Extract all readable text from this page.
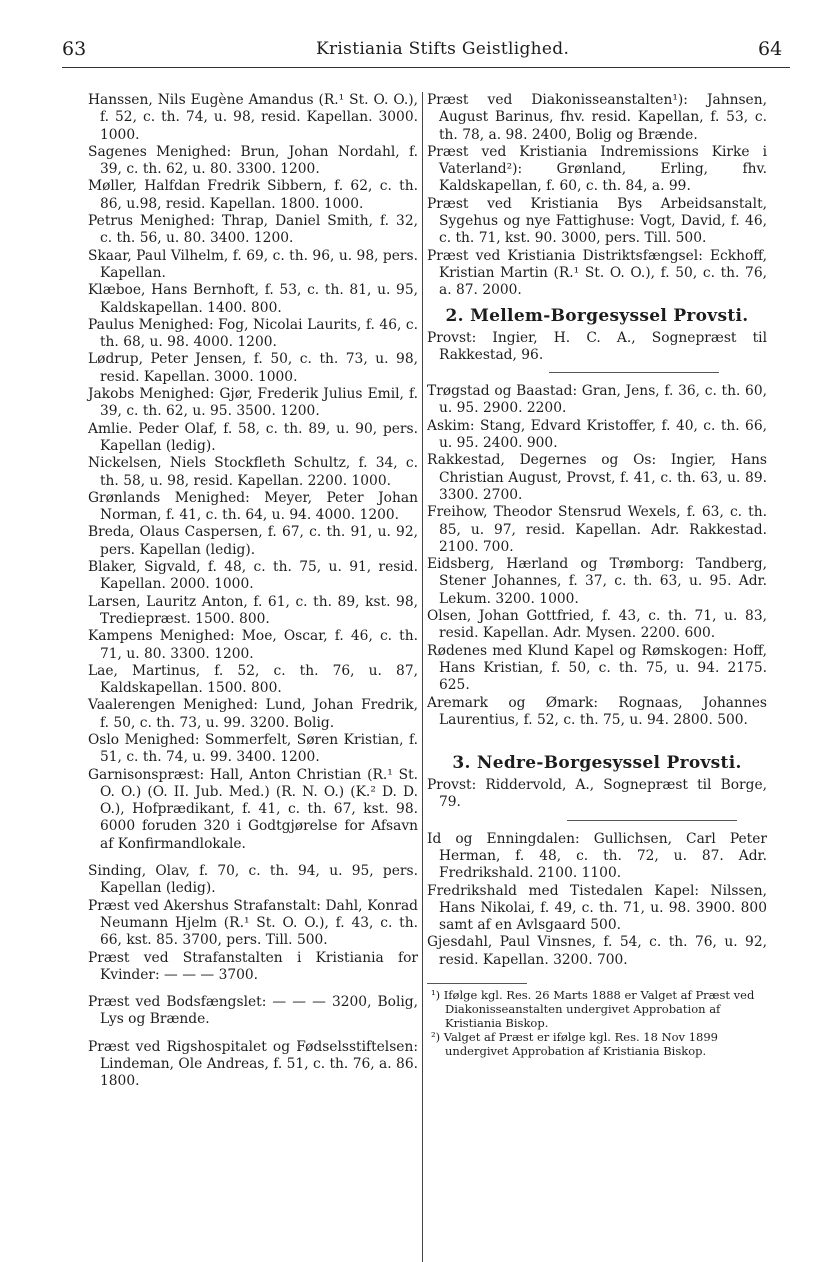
63	Kristiania Stifts Geistlighed.	64

Hanssen, Nils Eugène Amandus (R.¹ St. O. O.), f. 52, c. th. 74, u. 98, resid. Kapellan. 3000. 1000.

Sagenes Menighed: Brun, Johan Nordahl, f. 39, c. th. 62, u. 80. 3300. 1200.

Møller, Halfdan Fredrik Sibbern, f. 62, c. th. 86, u.98, resid. Kapellan. 1800. 1000.

Petrus Menighed: Thrap, Daniel Smith, f. 32, c. th. 56, u. 80. 3400. 1200.

Skaar, Paul Vilhelm, f. 69, c. th. 96, u. 98, pers. Kapellan.

Klæboe, Hans Bernhoft, f. 53, c. th. 81, u. 95, Kaldskapellan. 1400. 800.

Paulus Menighed: Fog, Nicolai Laurits, f. 46, c. th. 68, u. 98. 4000. 1200.

Lødrup, Peter Jensen, f. 50, c. th. 73, u. 98, resid. Kapellan. 3000. 1000.

Jakobs Menighed: Gjør, Frederik Julius Emil, f. 39, c. th. 62, u. 95. 3500. 1200.

Amlie. Peder Olaf, f. 58, c. th. 89, u. 90, pers. Kapellan (ledig).

Nickelsen, Niels Stockfleth Schultz, f. 34, c. th. 58, u. 98, resid. Kapellan. 2200. 1000.

Grønlands Menighed: Meyer, Peter Johan Norman, f. 41, c. th. 64, u. 94. 4000. 1200.

Breda, Olaus Caspersen, f. 67, c. th. 91, u. 92, pers. Kapellan (ledig).

Blaker, Sigvald, f. 48, c. th. 75, u. 91, resid. Kapellan. 2000. 1000.

Larsen, Lauritz Anton, f. 61, c. th. 89, kst. 98, Trediepræst. 1500. 800.

Kampens Menighed: Moe, Oscar, f. 46, c. th. 71, u. 80. 3300. 1200.

Lae, Martinus, f. 52, c. th. 76, u. 87, Kaldskapellan. 1500. 800.

Vaalerengen Menighed: Lund, Johan Fredrik, f. 50, c. th. 73, u. 99. 3200. Bolig.

Oslo Menighed: Sommerfelt, Søren Kristian, f. 51, c. th. 74, u. 99. 3400. 1200.

Garnisonspræst: Hall, Anton Christian (R.¹ St. O. O.) (O. II. Jub. Med.) (R. N. O.) (K.² D. D. O.), Hofprædikant, f. 41, c. th. 67, kst. 98. 6000 foruden 320 i Godtgjørelse for Afsavn af Konfirmandlokale.

Sinding, Olav, f. 70, c. th. 94, u. 95, pers. Kapellan (ledig).

Præst ved Akershus Strafanstalt: Dahl, Konrad Neumann Hjelm (R.¹ St. O. O.), f. 43, c. th. 66, kst. 85. 3700, pers. Till. 500.

Præst ved Strafanstalten i Kristiania for Kvinder: — — — 3700.

Præst ved Bodsfængslet: — — — 3200, Bolig, Lys og Brænde.

Præst ved Rigshospitalet og Fødselsstiftelsen: Lindeman, Ole Andreas, f. 51, c. th. 76, a. 86. 1800.

Præst ved Diakonisseanstalten¹): Jahnsen, August Barinus, fhv. resid. Kapellan, f. 53, c. th. 78, a. 98. 2400, Bolig og Brænde.

Præst ved Kristiania Indremissions Kirke i Vaterland²): Grønland, Erling, fhv. Kaldskapellan, f. 60, c. th. 84, a. 99.

Præst ved Kristiania Bys Arbeidsanstalt, Sygehus og nye Fattighuse: Vogt, David, f. 46, c. th. 71, kst. 90. 3000, pers. Till. 500.

Præst ved Kristiania Distriktsfængsel: Eckhoff, Kristian Martin (R.¹ St. O. O.), f. 50, c. th. 76, a. 87. 2000.

2. Mellem-Borgesyssel Provsti.

Provst: Ingier, H. C. A., Sognepræst til Rakkestad, 96.

Trøgstad og Baastad: Gran, Jens, f. 36, c. th. 60, u. 95. 2900. 2200.

Askim: Stang, Edvard Kristoffer, f. 40, c. th. 66, u. 95. 2400. 900.

Rakkestad, Degernes og Os: Ingier, Hans Christian August, Provst, f. 41, c. th. 63, u. 89. 3300. 2700.

Freihow, Theodor Stensrud Wexels, f. 63, c. th. 85, u. 97, resid. Kapellan. Adr. Rakkestad. 2100. 700.

Eidsberg, Hærland og Trømborg: Tandberg, Stener Johannes, f. 37, c. th. 63, u. 95. Adr. Lekum. 3200. 1000.

Olsen, Johan Gottfried, f. 43, c. th. 71, u. 83, resid. Kapellan. Adr. Mysen. 2200. 600.

Rødenes med Klund Kapel og Rømskogen: Hoff, Hans Kristian, f. 50, c. th. 75, u. 94. 2175. 625.

Aremark og Ømark: Rognaas, Johannes Laurentius, f. 52, c. th. 75, u. 94. 2800. 500.

3. Nedre-Borgesyssel Provsti.

Provst: Riddervold, A., Sognepræst til Borge, 79.

Id og Enningdalen: Gullichsen, Carl Peter Herman, f. 48, c. th. 72, u. 87. Adr. Fredrikshald. 2100. 1100.

Fredrikshald med Tistedalen Kapel: Nilssen, Hans Nikolai, f. 49, c. th. 71, u. 98. 3900. 800 samt af en Avlsgaard 500.

Gjesdahl, Paul Vinsnes, f. 54, c. th. 76, u. 92, resid. Kapellan. 3200. 700.

¹) Ifølge kgl. Res. 26 Marts 1888 er Valget af Præst ved Diakonisseanstalten undergivet Approbation af Kristiania Biskop.

²) Valget af Præst er ifølge kgl. Res. 18 Nov 1899 undergivet Approbation af Kristiania Biskop.
